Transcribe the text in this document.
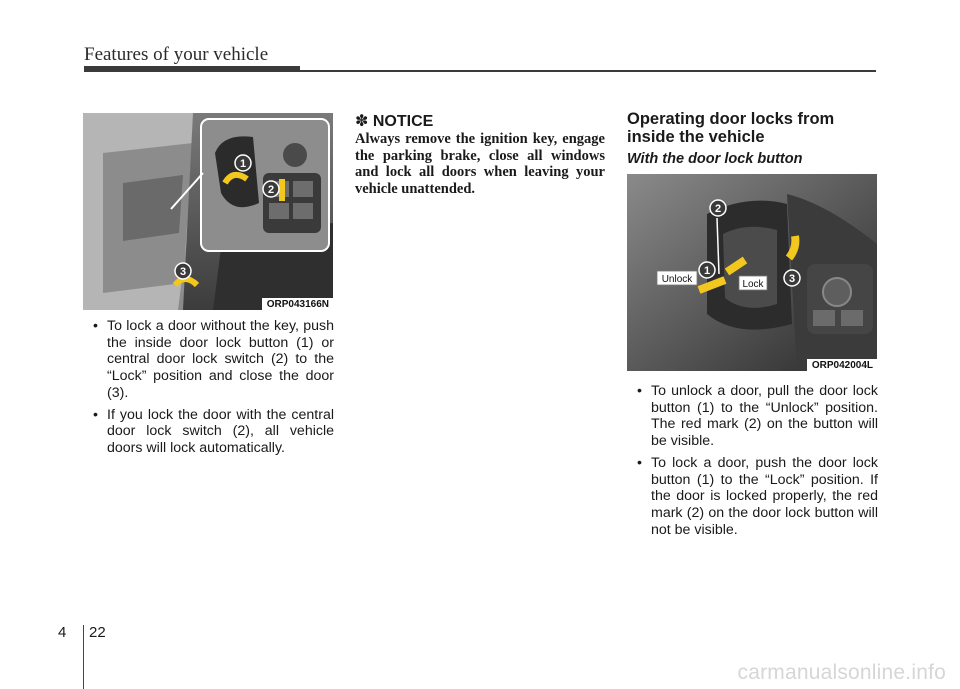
Features of your vehicle
1
2
3
ORP043166N
• To lock a door without the key, push the inside door lock button (1) or central door lock switch (2) to the “Lock” position and close the door (3).
• If you lock the door with the central door lock switch (2), all vehicle doors will lock automatically.
✽ NOTICE

Always remove the ignition key, engage the parking brake, close all windows and lock all doors when leaving your vehicle unattended.

Operating door locks from inside the vehicle
With the door lock button
2
1
3
Unlock	Lock
ORP042004L
• To unlock a door, pull the door lock button (1) to the “Unlock” position. The red mark (2) on the button will be visible.
• To lock a door, push the door lock button (1) to the “Lock” position. If the door is locked properly, the red mark (2) on the door lock button will not be visible.
4 22
carmanualsonline.info
